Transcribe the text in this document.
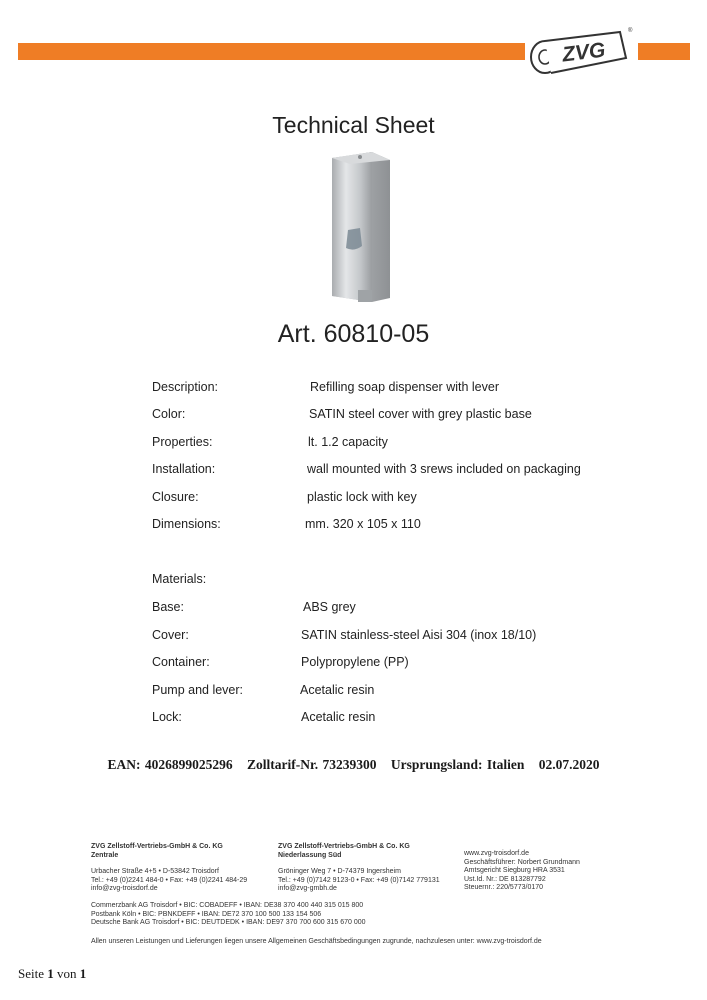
ZVG
®
Technical Sheet
Art. 60810-05
Description:	Refilling soap dispenser with lever
Color:	SATIN steel cover with grey plastic base
Properties:	lt. 1.2 capacity
Installation:	wall mounted with 3 srews included on packaging
Closure:	plastic lock with key
Dimensions:	mm. 320 x 105 x 110
Materials:
Base:	ABS grey
Cover:	SATIN stainless-steel Aisi 304 (inox 18/10)
Container:	Polypropylene (PP)
Pump and lever:	Acetalic resin
Lock:	Acetalic resin
EAN: 4026899025296 Zolltarif-Nr. 73239300 Ursprungsland: Italien 02.07.2020
ZVG Zellstoff-Vertriebs-GmbH & Co. KG
Zentrale
Urbacher Straße 4+5 • D-53842 Troisdorf
Tel.: +49 (0)2241 484-0 • Fax: +49 (0)2241 484-29
info@zvg-troisdorf.de
ZVG Zellstoff-Vertriebs-GmbH & Co. KG
Niederlassung Süd
Gröninger Weg 7 • D-74379 Ingersheim
Tel.: +49 (0)7142 9123-0 • Fax: +49 (0)7142 779131
info@zvg-gmbh.de
www.zvg-troisdorf.de
Geschäftsführer: Norbert Grundmann
Amtsgericht Siegburg HRA 3531
Ust.Id. Nr.: DE 813287792
Steuernr.: 220/5773/0170
Commerzbank AG Troisdorf • BIC: COBADEFF • IBAN: DE38 370 400 440 315 015 800
Postbank Köln • BIC: PBNKDEFF • IBAN: DE72 370 100 500 133 154 506
Deutsche Bank AG Troisdorf • BIC: DEUTDEDK • IBAN: DE97 370 700 600 315 670 000
Allen unseren Leistungen und Lieferungen liegen unsere Allgemeinen Geschäftsbedingungen zugrunde, nachzulesen unter: www.zvg-troisdorf.de
Seite 1 von 1
